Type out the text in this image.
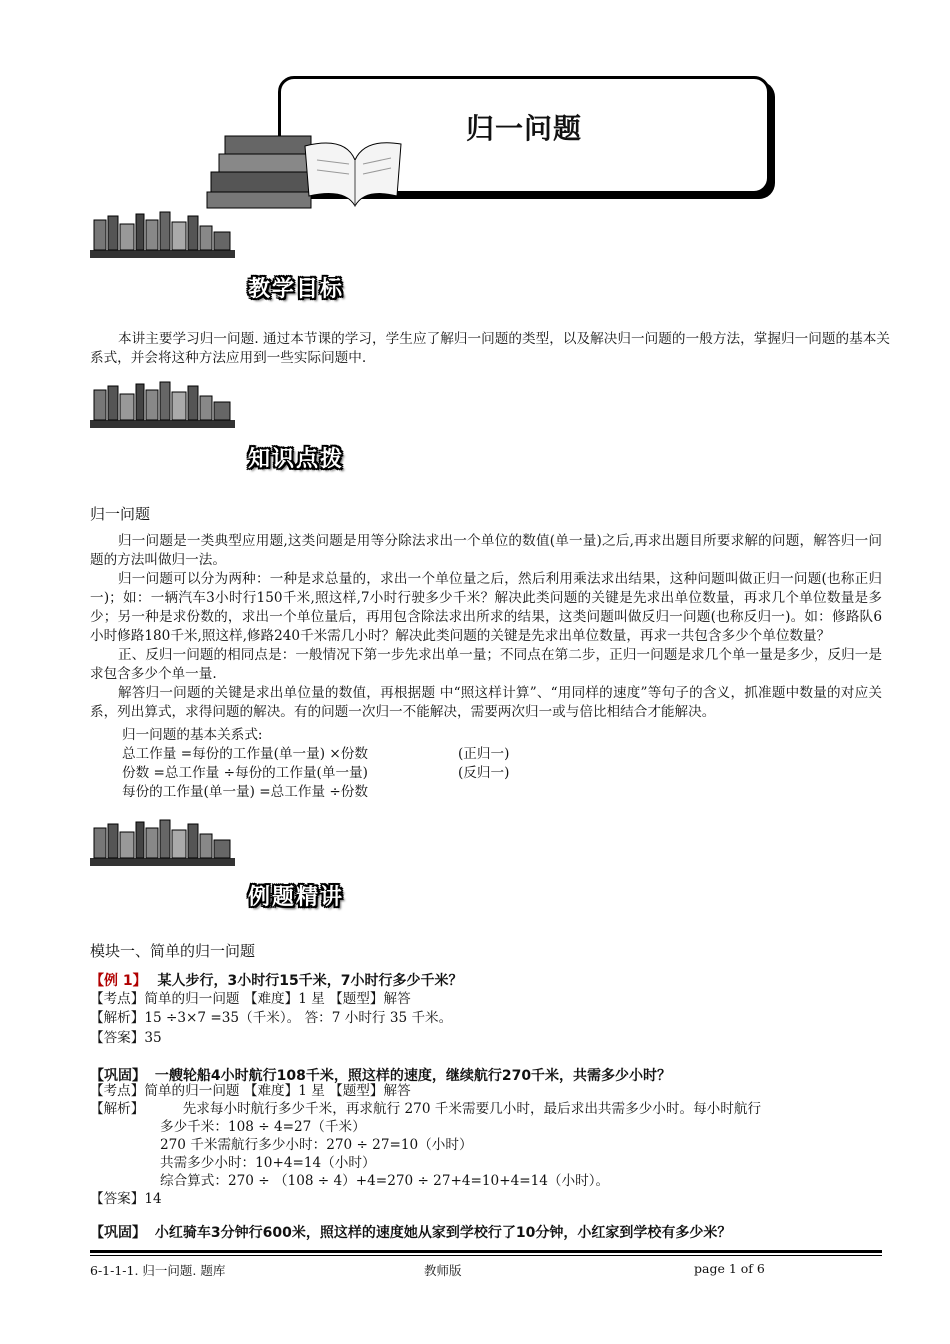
归一问题
教学目标

本讲主要学习归一问题. 通过本节课的学习，学生应了解归一问题的类型，以及解决归一问题的一般方法，掌握归一问题的基本关系式，并会将这种方法应用到一些实际问题中.

知识点拨
归一问题

归一问题是一类典型应用题,这类问题是用等分除法求出一个单位的数值(单一量)之后,再求出题目所要求解的问题，解答归一问题的方法叫做归一法。

归一问题可以分为两种：一种是求总量的，求出一个单位量之后，然后利用乘法求出结果，这种问题叫做正归一问题(也称正归一)；如：一辆汽车3小时行150千米,照这样,7小时行驶多少千米？解决此类问题的关键是先求出单位数量，再求几个单位数量是多少；另一种是求份数的，求出一个单位量后，再用包含除法求出所求的结果，这类问题叫做反归一问题(也称反归一)。如：修路队6小时修路180千米,照这样,修路240千米需几小时？解决此类问题的关键是先求出单位数量，再求一共包含多少个单位数量？

正、反归一问题的相同点是：一般情况下第一步先求出单一量；不同点在第二步，正归一问题是求几个单一量是多少，反归一是求包含多少个单一量.

解答归一问题的关键是求出单位量的数值，再根据题 中“照这样计算”、“用同样的速度”等句子的含义，抓准题中数量的对应关系，列出算式，求得问题的解决。有的问题一次归一不能解决，需要两次归一或与倍比相结合才能解决。

归一问题的基本关系式:
总工作量 =每份的工作量(单一量) ×份数	(正归一)
份数 =总工作量 ÷每份的工作量(单一量)	(反归一)
每份的工作量(单一量) =总工作量 ÷份数
例题精讲
模块一、简单的归一问题
【例 1】 某人步行，3小时行15千米，7小时行多少千米？
【考点】简单的归一问题 【难度】1 星 【题型】解答
【解析】15 ÷3×7 =35（千米）。 答：7 小时行 35 千米。
【答案】35
【巩固】 一艘轮船4小时航行108千米，照这样的速度，继续航行270千米，共需多少小时？
【考点】简单的归一问题 【难度】1 星 【题型】解答
【解析】	先求每小时航行多少千米，再求航行 270 千米需要几小时，最后求出共需多少小时。每小时航行
多少千米：108 ÷ 4=27（千米）
270 千米需航行多少小时：270 ÷ 27=10（小时）
共需多少小时：10+4=14（小时）
综合算式：270 ÷ （108 ÷ 4）+4=270 ÷ 27+4=10+4=14（小时）。
【答案】14
【巩固】 小红骑车3分钟行600米，照这样的速度她从家到学校行了10分钟，小红家到学校有多少米？
6-1-1-1. 归一问题. 题库	教师版	page 1 of 6
